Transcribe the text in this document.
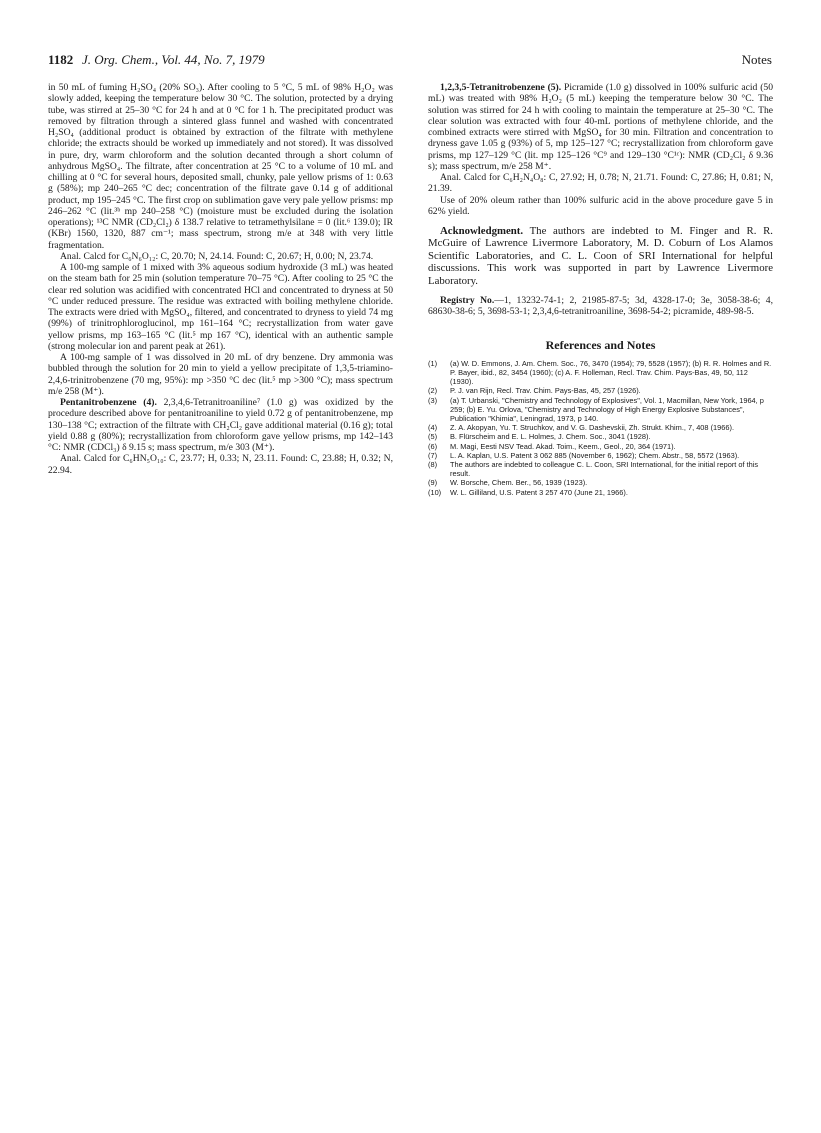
1182 J. Org. Chem., Vol. 44, No. 7, 1979	Notes

in 50 mL of fuming H₂SO₄ (20% SO₃). After cooling to 5 °C, 5 mL of 98% H₂O₂ was slowly added, keeping the temperature below 30 °C. The solution, protected by a drying tube, was stirred at 25–30 °C for 24 h and at 0 °C for 1 h. The precipitated product was removed by filtration through a sintered glass funnel and washed with concentrated H₂SO₄ (additional product is obtained by extraction of the filtrate with methylene chloride; the extracts should be worked up immediately and not stored). It was dissolved in pure, dry, warm chloroform and the solution decanted through a short column of anhydrous MgSO₄. The filtrate, after concentration at 25 °C to a volume of 10 mL and chilling at 0 °C for several hours, deposited small, chunky, pale yellow prisms of 1: 0.63 g (58%); mp 240–265 °C dec; concentration of the filtrate gave 0.14 g of additional product, mp 195–245 °C. The first crop on sublimation gave very pale yellow prisms: mp 246–262 °C (lit.³ᵇ mp 240–258 °C) (moisture must be excluded during the isolation operations); ¹³C NMR (CD₂Cl₂) δ 138.7 relative to tetramethylsilane = 0 (lit.⁶ 139.0); IR (KBr) 1560, 1320, 887 cm⁻¹; mass spectrum, strong m/e at 348 with very little fragmentation.

Anal. Calcd for C₆N₆O₁₂: C, 20.70; N, 24.14. Found: C, 20.67; H, 0.00; N, 23.74.

A 100-mg sample of 1 mixed with 3% aqueous sodium hydroxide (3 mL) was heated on the steam bath for 25 min (solution temperature 70–75 °C). After cooling to 25 °C the clear red solution was acidified with concentrated HCl and concentrated to dryness at 50 °C under reduced pressure. The residue was extracted with boiling methylene chloride. The extracts were dried with MgSO₄, filtered, and concentrated to dryness to yield 74 mg (99%) of trinitrophloroglucinol, mp 161–164 °C; recrystallization from water gave yellow prisms, mp 163–165 °C (lit.⁵ mp 167 °C), identical with an authentic sample (strong molecular ion and parent peak at 261).

A 100-mg sample of 1 was dissolved in 20 mL of dry benzene. Dry ammonia was bubbled through the solution for 20 min to yield a yellow precipitate of 1,3,5-triamino-2,4,6-trinitrobenzene (70 mg, 95%): mp >350 °C dec (lit.⁵ mp >300 °C); mass spectrum m/e 258 (M⁺).

Pentanitrobenzene (4). 2,3,4,6-Tetranitroaniline⁷ (1.0 g) was oxidized by the procedure described above for pentanitroaniline to yield 0.72 g of pentanitrobenzene, mp 130–138 °C; extraction of the filtrate with CH₂Cl₂ gave additional material (0.16 g); total yield 0.88 g (80%); recrystallization from chloroform gave yellow prisms, mp 142–143 °C: NMR (CDCl₃) δ 9.15 s; mass spectrum, m/e 303 (M⁺).

Anal. Calcd for C₆HN₅O₁₀: C, 23.77; H, 0.33; N, 23.11. Found: C, 23.88; H, 0.32; N, 22.94.

1,2,3,5-Tetranitrobenzene (5). Picramide (1.0 g) dissolved in 100% sulfuric acid (50 mL) was treated with 98% H₂O₂ (5 mL) keeping the temperature below 30 °C. The solution was stirred for 24 h with cooling to maintain the temperature at 25–30 °C. The clear solution was extracted with four 40-mL portions of methylene chloride, and the combined extracts were stirred with MgSO₄ for 30 min. Filtration and concentration to dryness gave 1.05 g (93%) of 5, mp 125–127 °C; recrystallization from chloroform gave prisms, mp 127–129 °C (lit. mp 125–126 °C⁹ and 129–130 °C¹ᶜ): NMR (CD₂Cl₂ δ 9.36 s); mass spectrum, m/e 258 M⁺.

Anal. Calcd for C₆H₂N₄O₈: C, 27.92; H, 0.78; N, 21.71. Found: C, 27.86; H, 0.81; N, 21.39.

Use of 20% oleum rather than 100% sulfuric acid in the above procedure gave 5 in 62% yield.

Acknowledgment. The authors are indebted to M. Finger and R. R. McGuire of Lawrence Livermore Laboratory, M. D. Coburn of Los Alamos Scientific Laboratories, and C. L. Coon of SRI International for helpful discussions. This work was supported in part by Lawrence Livermore Laboratory.

Registry No.—1, 13232-74-1; 2, 21985-87-5; 3d, 4328-17-0; 3e, 3058-38-6; 4, 68630-38-6; 5, 3698-53-1; 2,3,4,6-tetranitroaniline, 3698-54-2; picramide, 489-98-5.

References and Notes
(1)	(a) W. D. Emmons, J. Am. Chem. Soc., 76, 3470 (1954); 79, 5528 (1957); (b) R. R. Holmes and R. P. Bayer, ibid., 82, 3454 (1960); (c) A. F. Holleman, Recl. Trav. Chim. Pays-Bas, 49, 50, 112 (1930).
(2)	P. J. van Rijn, Recl. Trav. Chim. Pays-Bas, 45, 257 (1926).
(3)	(a) T. Urbanski, "Chemistry and Technology of Explosives", Vol. 1, Macmillan, New York, 1964, p 259; (b) E. Yu. Orlova, "Chemistry and Technology of High Energy Explosive Substances", Publication "Khimia", Leningrad, 1973, p 140.
(4)	Z. A. Akopyan, Yu. T. Struchkov, and V. G. Dashevskii, Zh. Strukt. Khim., 7, 408 (1966).
(5)	B. Flürscheim and E. L. Holmes, J. Chem. Soc., 3041 (1928).
(6)	M. Magi, Eesti NSV Tead. Akad. Toim., Keem., Geol., 20, 364 (1971).
(7)	L. A. Kaplan, U.S. Patent 3 062 885 (November 6, 1962); Chem. Abstr., 58, 5572 (1963).
(8)	The authors are indebted to colleague C. L. Coon, SRI International, for the initial report of this result.
(9)	W. Borsche, Chem. Ber., 56, 1939 (1923).
(10)	W. L. Gilliland, U.S. Patent 3 257 470 (June 21, 1966).
